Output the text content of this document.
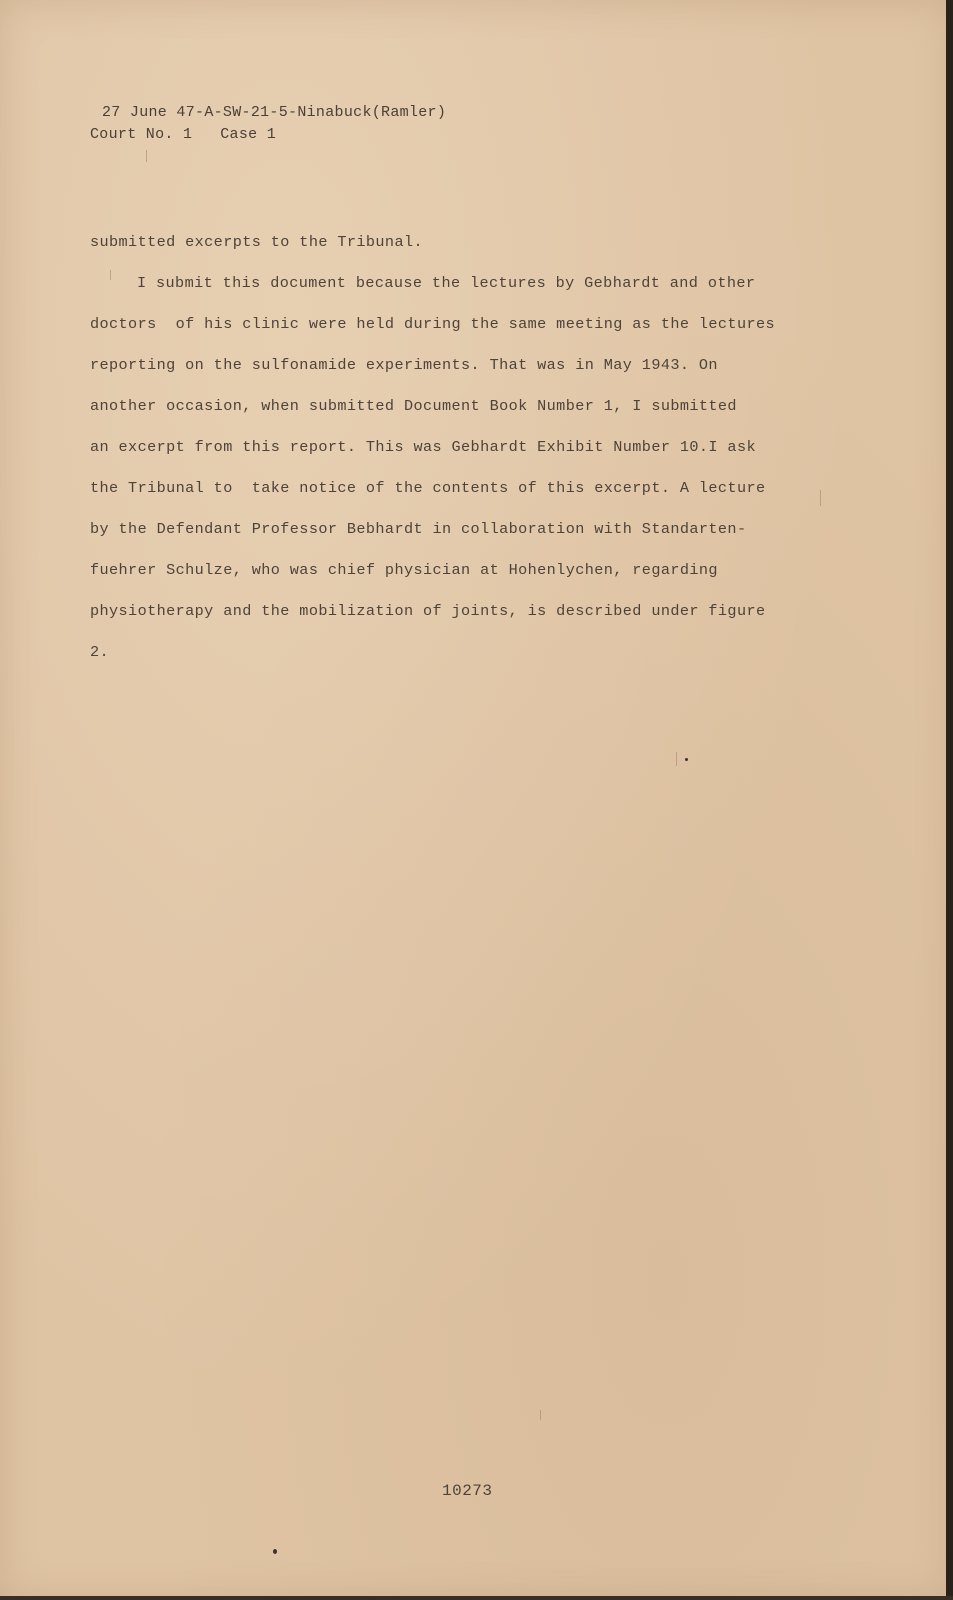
27 June 47-A-SW-21-5-Ninabuck(Ramler)
Court No. 1   Case 1
submitted excerpts to the Tribunal.
I submit this document because the lectures by Gebhardt and other
doctors  of his clinic were held during the same meeting as the lectures
reporting on the sulfonamide experiments. That was in May 1943. On
another occasion, when submitted Document Book Number 1, I submitted
an excerpt from this report. This was Gebhardt Exhibit Number 10.I ask
the Tribunal to  take notice of the contents of this excerpt. A lecture
by the Defendant Professor Bebhardt in collaboration with Standarten-
fuehrer Schulze, who was chief physician at Hohenlychen, regarding
physiotherapy and the mobilization of joints, is described under figure
2.
10273
